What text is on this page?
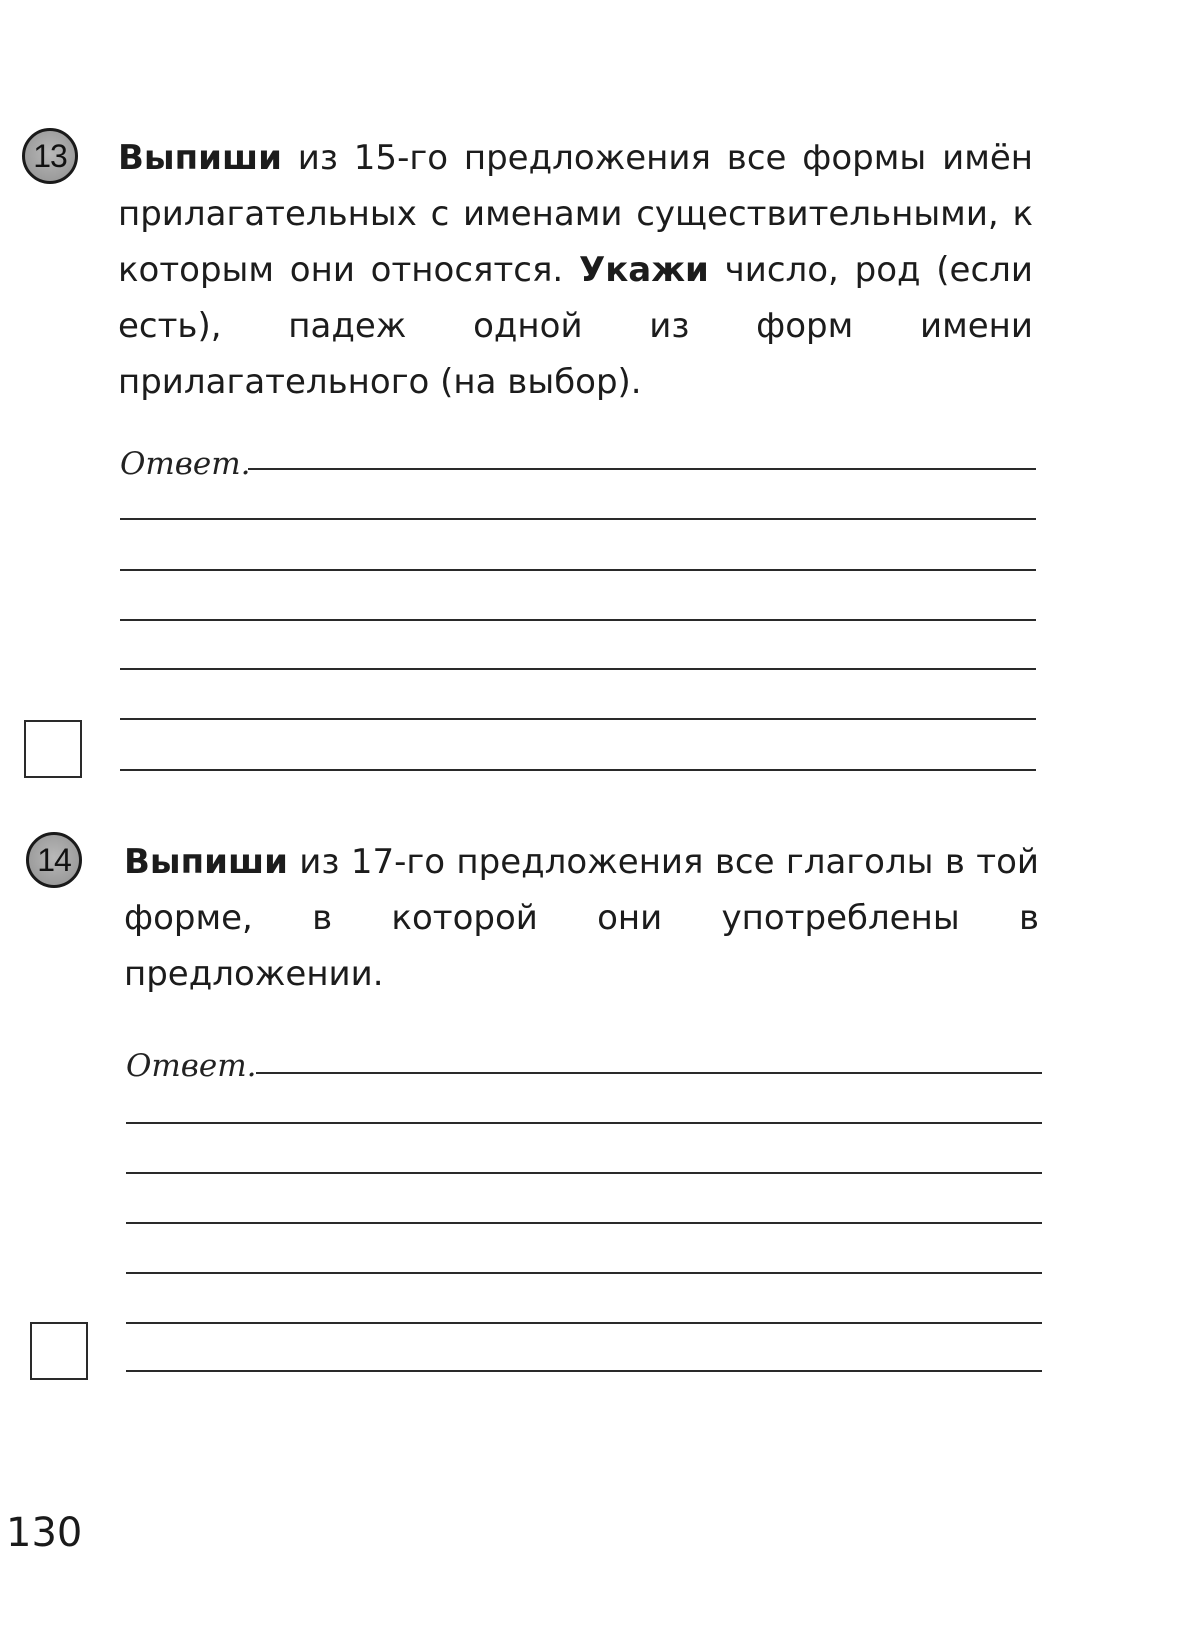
13 Выпиши из 15-го предложения все формы имён прилагательных с именами существительными, к которым они относятся. Укажи число, род (если есть), падеж одной из форм имени прилагательного (на выбор).
Ответ.
14 Выпиши из 17-го предложения все глаголы в той форме, в которой они употреблены в предложении.
Ответ.
130
